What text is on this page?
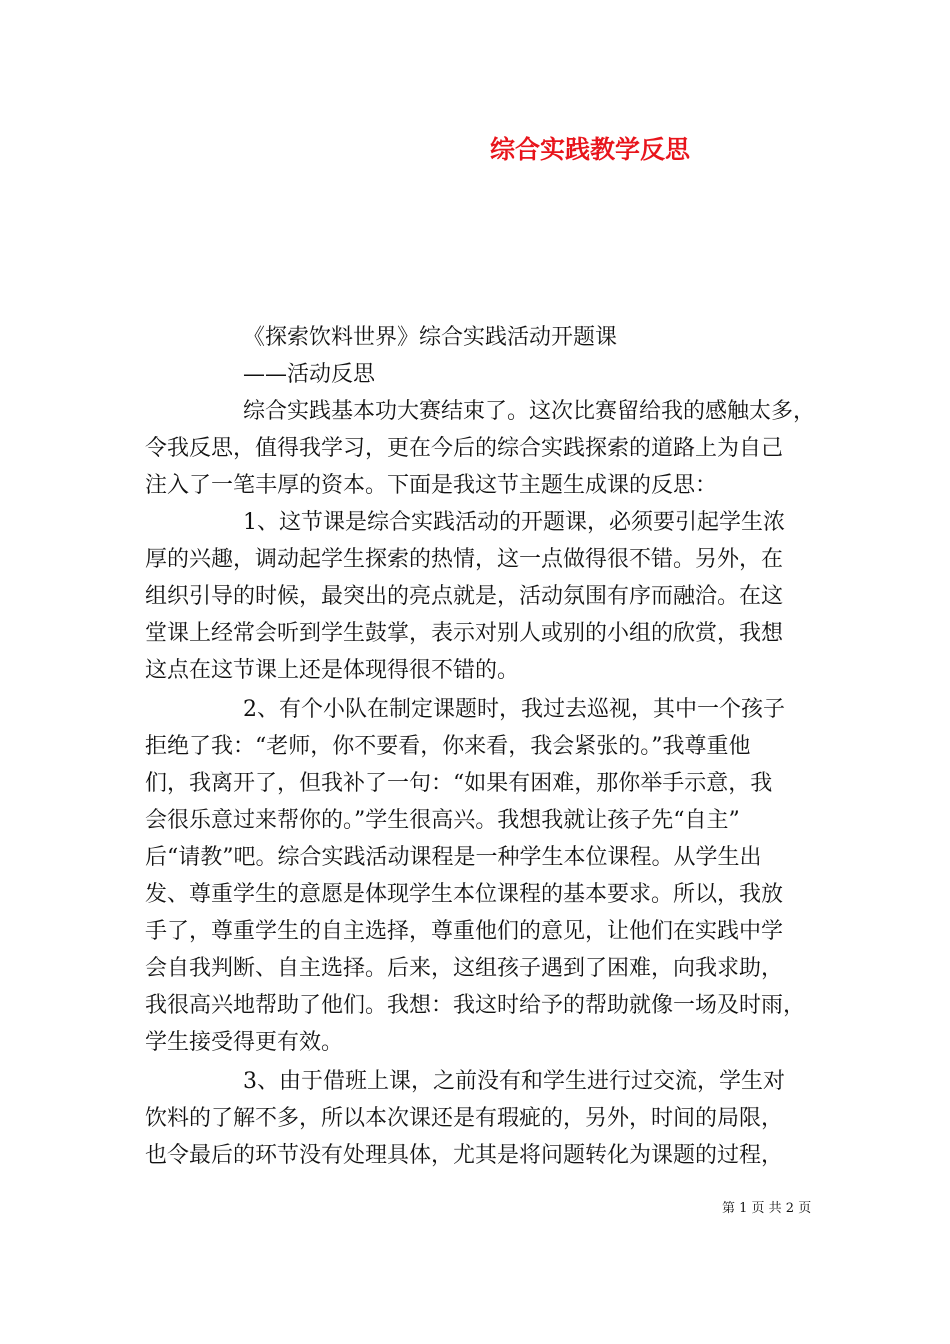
综合实践教学反思

《探索饮料世界》综合实践活动开题课

——活动反思

综合实践基本功大赛结束了。这次比赛留给我的感触太多，

令我反思，值得我学习，更在今后的综合实践探索的道路上为自己

注入了一笔丰厚的资本。下面是我这节主题生成课的反思：

1、这节课是综合实践活动的开题课，必须要引起学生浓

厚的兴趣，调动起学生探索的热情，这一点做得很不错。另外，在

组织引导的时候，最突出的亮点就是，活动氛围有序而融洽。在这

堂课上经常会听到学生鼓掌，表示对别人或别的小组的欣赏，我想

这点在这节课上还是体现得很不错的。

2、有个小队在制定课题时，我过去巡视，其中一个孩子

拒绝了我：“老师，你不要看，你来看，我会紧张的。”我尊重他

们，我离开了，但我补了一句：“如果有困难，那你举手示意，我

会很乐意过来帮你的。”学生很高兴。我想我就让孩子先“自主”

后“请教”吧。综合实践活动课程是一种学生本位课程。从学生出

发、尊重学生的意愿是体现学生本位课程的基本要求。所以，我放

手了，尊重学生的自主选择，尊重他们的意见，让他们在实践中学

会自我判断、自主选择。后来，这组孩子遇到了困难，向我求助，

我很高兴地帮助了他们。我想：我这时给予的帮助就像一场及时雨，

学生接受得更有效。

3、由于借班上课，之前没有和学生进行过交流，学生对

饮料的了解不多，所以本次课还是有瑕疵的，另外，时间的局限，

也令最后的环节没有处理具体，尤其是将问题转化为课题的过程，

第 1 页 共 2 页
